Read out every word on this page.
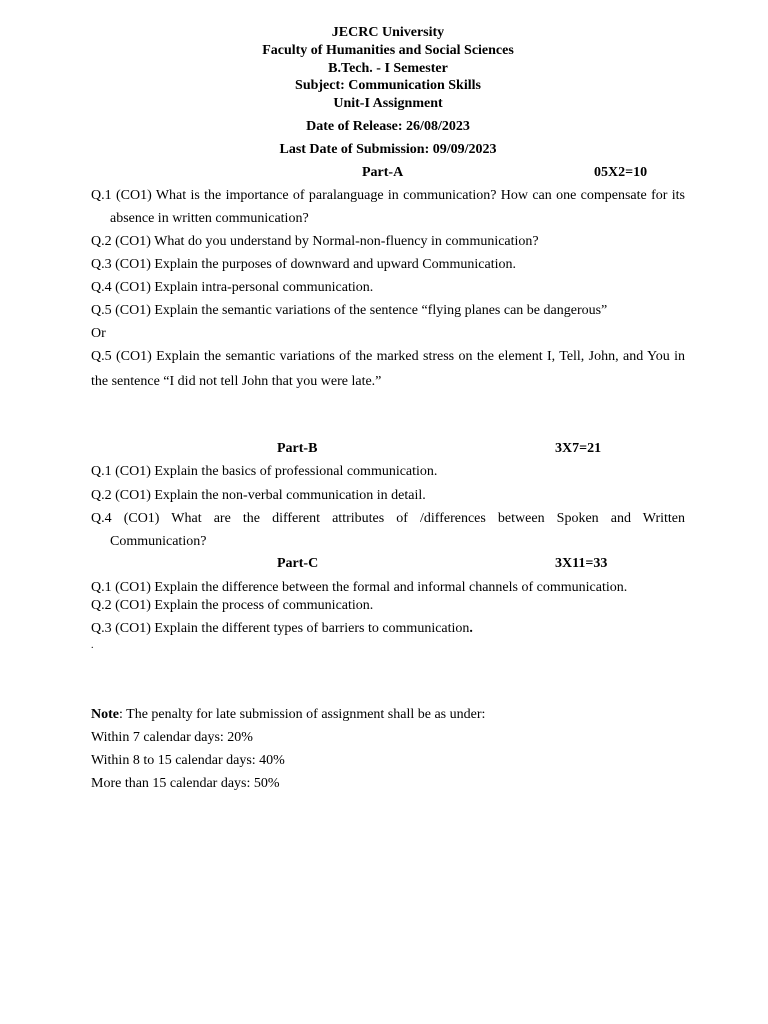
JECRC University
Faculty of Humanities and Social Sciences
B.Tech. - I Semester
Subject: Communication Skills
Unit-I Assignment
Date of Release: 26/08/2023
Last Date of Submission: 09/09/2023
Part-A	05X2=10
Q.1 (CO1) What is the importance of paralanguage in communication? How can one compensate for its
absence in written communication?
Q.2 (CO1) What do you understand by Normal-non-fluency in communication?
Q.3 (CO1) Explain the purposes of downward and upward Communication.
Q.4 (CO1) Explain intra-personal communication.
Q.5 (CO1) Explain the semantic variations of the sentence “flying planes can be dangerous”
Or
Q.5 (CO1) Explain the semantic variations of the marked stress on the element I, Tell, John, and You in
the sentence “I did not tell John that you were late.”
Part-B	3X7=21
Q.1 (CO1) Explain the basics of professional communication.
Q.2 (CO1) Explain the non-verbal communication in detail.
Q.4 (CO1) What are the different attributes of /differences between Spoken and Written
Communication?
Part-C	3X11=33
Q.1 (CO1) Explain the difference between the formal and informal channels of communication.
Q.2 (CO1) Explain the process of communication.
Q.3 (CO1) Explain the different types of barriers to communication.
.
Note: The penalty for late submission of assignment shall be as under:
Within 7 calendar days: 20%
Within 8 to 15 calendar days: 40%
More than 15 calendar days: 50%
